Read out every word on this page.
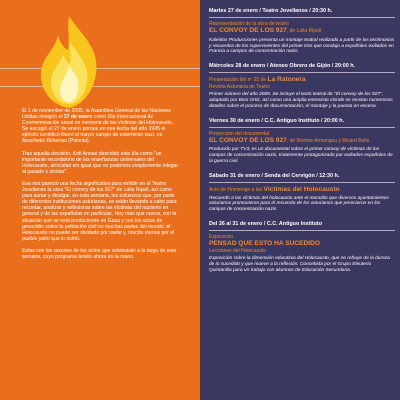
El 1 de noviembre de 2005, la Asamblea General de las Naciones Unidas designó el 27 de enero como Día Internacional de Conmemoración anual en memoria de las víctimas del Holocausto. Se escogió el 27 de enero porque en esa fecha del año 1945 el ejército soviético liberó el mayor campo de exterminio nazi, en Auschwitz-Birkenau (Polonia).

Tras aquella decisión, Kofi Annan describió este día como "un importante recordatorio de las enseñanzas universales del Holocausto, atrocidad sin igual que no podemos simplemente relegar al pasado y olvidar".

Esa nos pareció una fecha significativa para exhibir en el Teatro Jovellanos la obra "El convoy de los 927" de Laila Ripoll, así como para aunar y divulgar, en esta semana, los esfuerzos que, por parte de diferentes instituciones asturianas, se están llevando a cabo para recordar, analizar y reflexionar sobre las víctimas del nazismo en general y de las españolas en particular. Hoy más que nunca, con la situación que se está produciendo en Gaza y con los actos de genocidio sobre la población civil en muchas partes del mundo, el Holocausto no puede ser olvidado por nadie y, mucho menos por el pueblo judío que lo sufrió.

Estas son las razones de los actos que celebrarán a lo largo de esta semana, cuyo programa tenéis ahora en la mano.

Martes 27 de enero / Teatro Jovellanos / 20:30 h.
Representación de la obra de teatro
EL CONVOY DE LOS 927, de Laila Ripoll
Kaleidos Producciones presenta un montaje teatral realizado a partir de los testimonios y recuerdos de los supervivientes del primer tren que condujo a españoles exiliados en Francia a campos de concentración nazis.
Miércoles 28 de enero / Ateneo Obrero de Gijón / 20:00 h.
Presentación del nº 25 de La Ratonera
Revista Asturiana de Teatro
Primer número del año 2009. Se incluye el texto teatral de "El convoy de los 927", adaptado por Boni Ortiz, así como una amplia entrevista clonde se revelan numerosos detalles sobre el proceso de documentación, el montaje y la puesta en escena.
Viernes 30 de enero / C.C. Antiguo Instituto / 20:00 h.
Proyección del documental
EL CONVOY DE LOS 927, de Montse Armengou y Ricard Belis
Producido por TV3, es un documental sobre el primer convoy de víctimas de los campos de concentración nazis, triatemente protagonizado por exiliados españoles de la guerra civil.
Sábado 31 de enero / Senda del Cervigón / 12:30 h.
Acto de Homenaje a las Víctimas del Holocausto
Recuerdo a las víctimas del holocausto ante el monolito que diversos ayuntamientos asturianos promovieron para el recuerdo de los asturianos que perecieron en los campos de concentración nazis.
Del 26 al 31 de enero / C.C. Antiguo Instituto
Exposición
PENSAD QUE ESTO HA SUCEDIDO
Lecciones del Holocausto
Exposición sobre la dimensión educativa del Holocausto, que no rehuye de la dureza de lo sucedido y que mueve a la reflexión. Concebida por el Grupo Eleuterio Quintanilla para un trabajo con alumnos de Educación Secundaria.
